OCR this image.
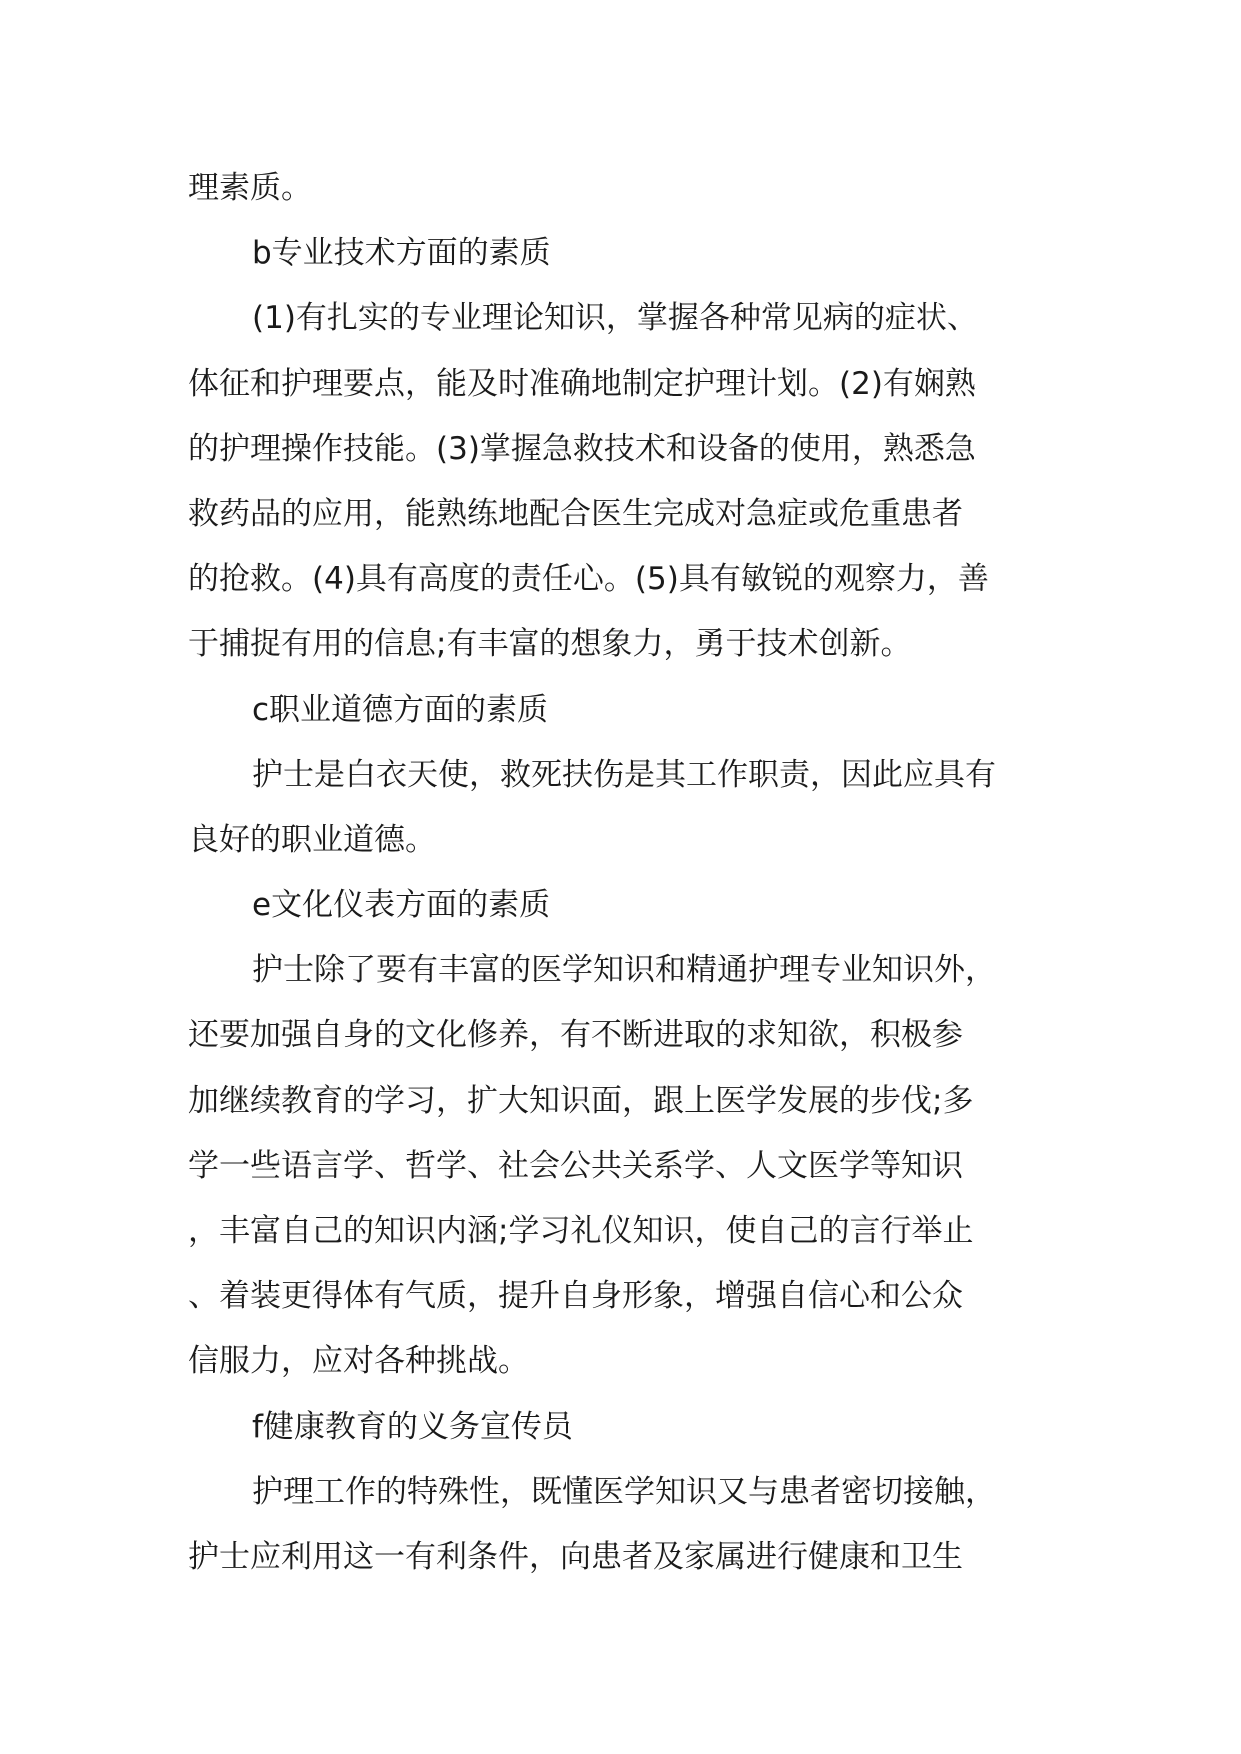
理素质。
b专业技术方面的素质
(1)有扎实的专业理论知识，掌握各种常见病的症状、
体征和护理要点，能及时准确地制定护理计划。(2)有娴熟
的护理操作技能。(3)掌握急救技术和设备的使用，熟悉急
救药品的应用，能熟练地配合医生完成对急症或危重患者
的抢救。(4)具有高度的责任心。(5)具有敏锐的观察力，善
于捕捉有用的信息;有丰富的想象力，勇于技术创新。
c职业道德方面的素质
护士是白衣天使，救死扶伤是其工作职责，因此应具有
良好的职业道德。
e文化仪表方面的素质
护士除了要有丰富的医学知识和精通护理专业知识外，
还要加强自身的文化修养，有不断进取的求知欲，积极参
加继续教育的学习，扩大知识面，跟上医学发展的步伐;多
学一些语言学、哲学、社会公共关系学、人文医学等知识
，丰富自己的知识内涵;学习礼仪知识，使自己的言行举止
、着装更得体有气质，提升自身形象，增强自信心和公众
信服力，应对各种挑战。
f健康教育的义务宣传员
护理工作的特殊性，既懂医学知识又与患者密切接触，
护士应利用这一有利条件，向患者及家属进行健康和卫生
